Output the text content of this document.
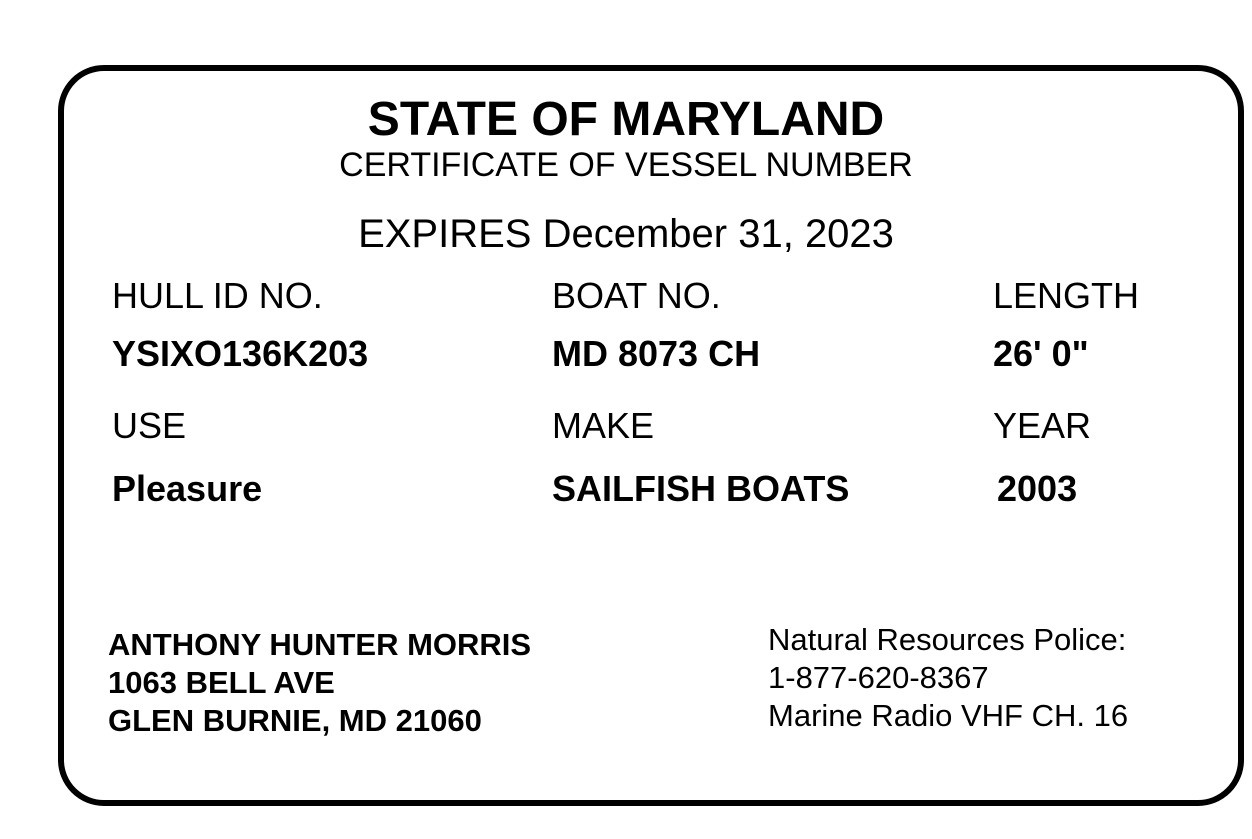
STATE OF MARYLAND
CERTIFICATE OF VESSEL NUMBER
EXPIRES December 31, 2023
HULL ID NO.	BOAT NO.	LENGTH
YSIXO136K203	MD 8073 CH	26' 0"
USE	MAKE	YEAR
Pleasure	SAILFISH BOATS	2003
ANTHONY HUNTER MORRIS
1063 BELL AVE
GLEN BURNIE, MD 21060
Natural Resources Police:
1-877-620-8367
Marine Radio VHF CH. 16
